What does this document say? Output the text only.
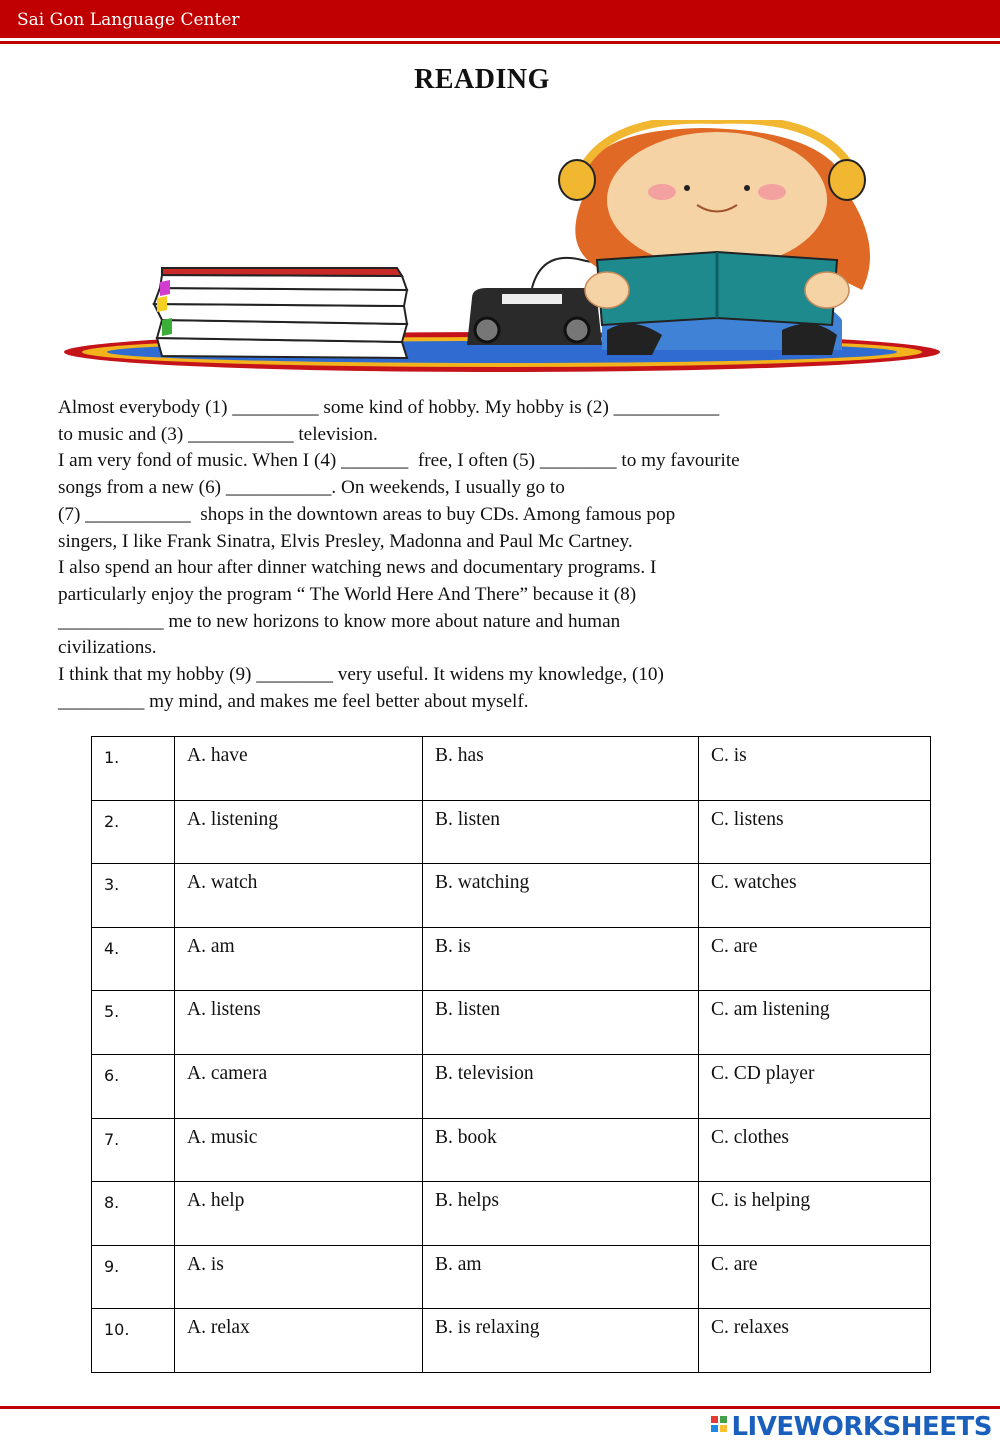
Sai Gon Language Center
READING

Almost everybody (1) _________ some kind of hobby. My hobby is (2) ___________

to music and (3) ___________ television.

I am very fond of music. When I (4) _______  free, I often (5) ________ to my favourite

songs from a new (6) ___________. On weekends, I usually go to

(7) ___________  shops in the downtown areas to buy CDs. Among famous pop

singers, I like Frank Sinatra, Elvis Presley, Madonna and Paul Mc Cartney.

I also spend an hour after dinner watching news and documentary programs. I

particularly enjoy the program “ The World Here And There” because it (8)

___________ me to new horizons to know more about nature and human

civilizations.

I think that my hobby (9) ________ very useful. It widens my knowledge, (10)

_________ my mind, and makes me feel better about myself.

1.	A. have	B. has	C. is
2.	A. listening	B. listen	C. listens
3.	A. watch	B. watching	C. watches
4.	A. am	B. is	C. are
5.	A. listens	B. listen	C. am listening
6.	A. camera	B. television	C. CD player
7.	A. music	B. book	C. clothes
8.	A. help	B. helps	C. is helping
9.	A. is	B. am	C. are
10.	A. relax	B. is relaxing	C. relaxes
LIVEWORKSHEETS
